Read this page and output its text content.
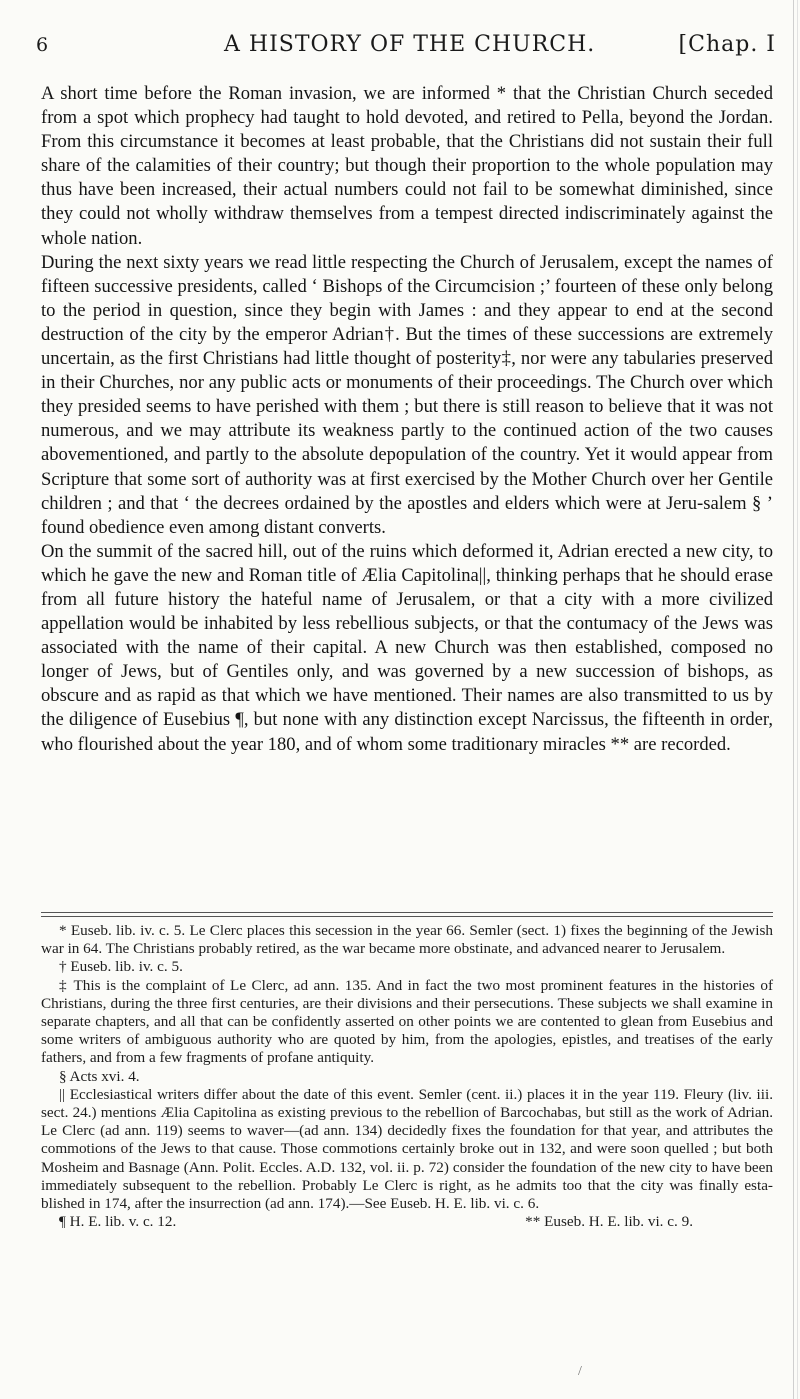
6	A HISTORY OF THE CHURCH.	[Chap. I

A short time before the Roman invasion, we are informed * that the Christian Church seceded from a spot which prophecy had taught to hold devoted, and retired to Pella, beyond the Jordan. From this circumstance it becomes at least probable, that the Christians did not sustain their full share of the calamities of their country; but though their proportion to the whole population may thus have been increased, their actual numbers could not fail to be somewhat diminished, since they could not wholly withdraw themselves from a tempest directed indiscriminately against the whole nation.

During the next sixty years we read little respecting the Church of Jerusalem, except the names of fifteen successive presidents, called ‘ Bishops of the Circumcision ;’ fourteen of these only belong to the period in question, since they begin with James : and they appear to end at the second destruction of the city by the emperor Adrian†. But the times of these successions are extremely uncertain, as the first Christians had little thought of posterity‡, nor were any tabularies preserved in their Churches, nor any public acts or monuments of their proceedings. The Church over which they presided seems to have perished with them ; but there is still reason to believe that it was not numerous, and we may attribute its weakness partly to the continued action of the two causes abovementioned, and partly to the absolute depopulation of the country. Yet it would appear from Scripture that some sort of authority was at first exercised by the Mother Church over her Gentile children ; and that ‘ the decrees ordained by the apostles and elders which were at Jeru-salem § ’ found obedience even among distant converts.

On the summit of the sacred hill, out of the ruins which deformed it, Adrian erected a new city, to which he gave the new and Roman title of Ælia Capitolina||, thinking perhaps that he should erase from all future history the hateful name of Jerusalem, or that a city with a more civilized appellation would be inhabited by less rebellious subjects, or that the contumacy of the Jews was associated with the name of their capital. A new Church was then established, composed no longer of Jews, but of Gentiles only, and was governed by a new succession of bishops, as obscure and as rapid as that which we have mentioned. Their names are also transmitted to us by the diligence of Eusebius ¶, but none with any distinction except Narcissus, the fifteenth in order, who flourished about the year 180, and of whom some traditionary miracles ** are recorded.

* Euseb. lib. iv. c. 5. Le Clerc places this secession in the year 66. Semler (sect. 1) fixes the beginning of the Jewish war in 64. The Christians probably retired, as the war became more obstinate, and advanced nearer to Jerusalem.

† Euseb. lib. iv. c. 5.

‡ This is the complaint of Le Clerc, ad ann. 135. And in fact the two most prominent features in the histories of Christians, during the three first centuries, are their divisions and their persecutions. These subjects we shall examine in separate chapters, and all that can be confidently asserted on other points we are contented to glean from Eusebius and some writers of ambiguous authority who are quoted by him, from the apologies, epistles, and treatises of the early fathers, and from a few fragments of profane antiquity.

§ Acts xvi. 4.

|| Ecclesiastical writers differ about the date of this event. Semler (cent. ii.) places it in the year 119. Fleury (liv. iii. sect. 24.) mentions Ælia Capitolina as existing previous to the rebellion of Barcochabas, but still as the work of Adrian. Le Clerc (ad ann. 119) seems to waver—(ad ann. 134) decidedly fixes the foundation for that year, and attributes the commotions of the Jews to that cause. Those commotions certainly broke out in 132, and were soon quelled ; but both Mosheim and Basnage (Ann. Polit. Eccles. A.D. 132, vol. ii. p. 72) consider the foundation of the new city to have been immediately subsequent to the rebellion. Probably Le Clerc is right, as he admits too that the city was finally esta-blished in 174, after the insurrection (ad ann. 174).—See Euseb. H. E. lib. vi. c. 6.

¶ H. E. lib. v. c. 12.	** Euseb. H. E. lib. vi. c. 9.

/
